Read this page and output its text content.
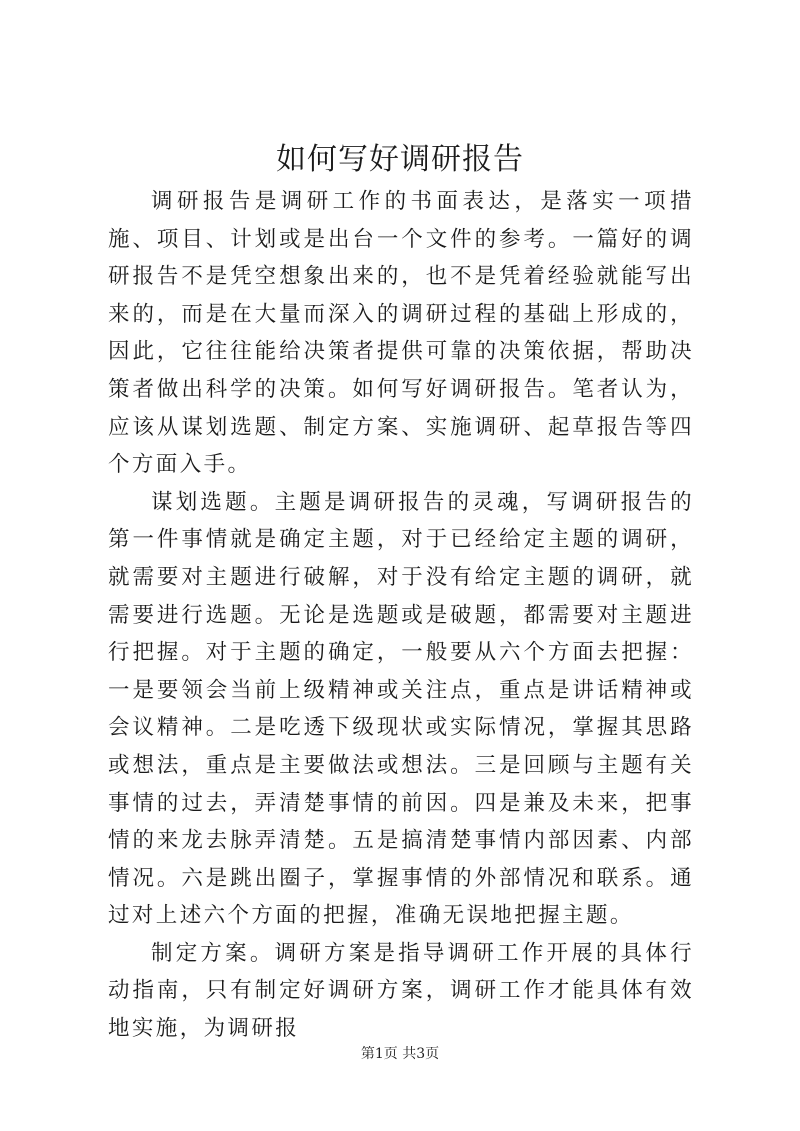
如何写好调研报告

调研报告是调研工作的书面表达，是落实一项措施、项目、计划或是出台一个文件的参考。一篇好的调研报告不是凭空想象出来的，也不是凭着经验就能写出来的，而是在大量而深入的调研过程的基础上形成的，因此，它往往能给决策者提供可靠的决策依据，帮助决策者做出科学的决策。如何写好调研报告。笔者认为，应该从谋划选题、制定方案、实施调研、起草报告等四个方面入手。

谋划选题。主题是调研报告的灵魂，写调研报告的第一件事情就是确定主题，对于已经给定主题的调研，就需要对主题进行破解，对于没有给定主题的调研，就需要进行选题。无论是选题或是破题，都需要对主题进行把握。对于主题的确定，一般要从六个方面去把握：一是要领会当前上级精神或关注点，重点是讲话精神或会议精神。二是吃透下级现状或实际情况，掌握其思路或想法，重点是主要做法或想法。三是回顾与主题有关事情的过去，弄清楚事情的前因。四是兼及未来，把事情的来龙去脉弄清楚。五是搞清楚事情内部因素、内部情况。六是跳出圈子，掌握事情的外部情况和联系。通过对上述六个方面的把握，准确无误地把握主题。

制定方案。调研方案是指导调研工作开展的具体行动指南，只有制定好调研方案，调研工作才能具体有效地实施，为调研报

第1页 共3页
